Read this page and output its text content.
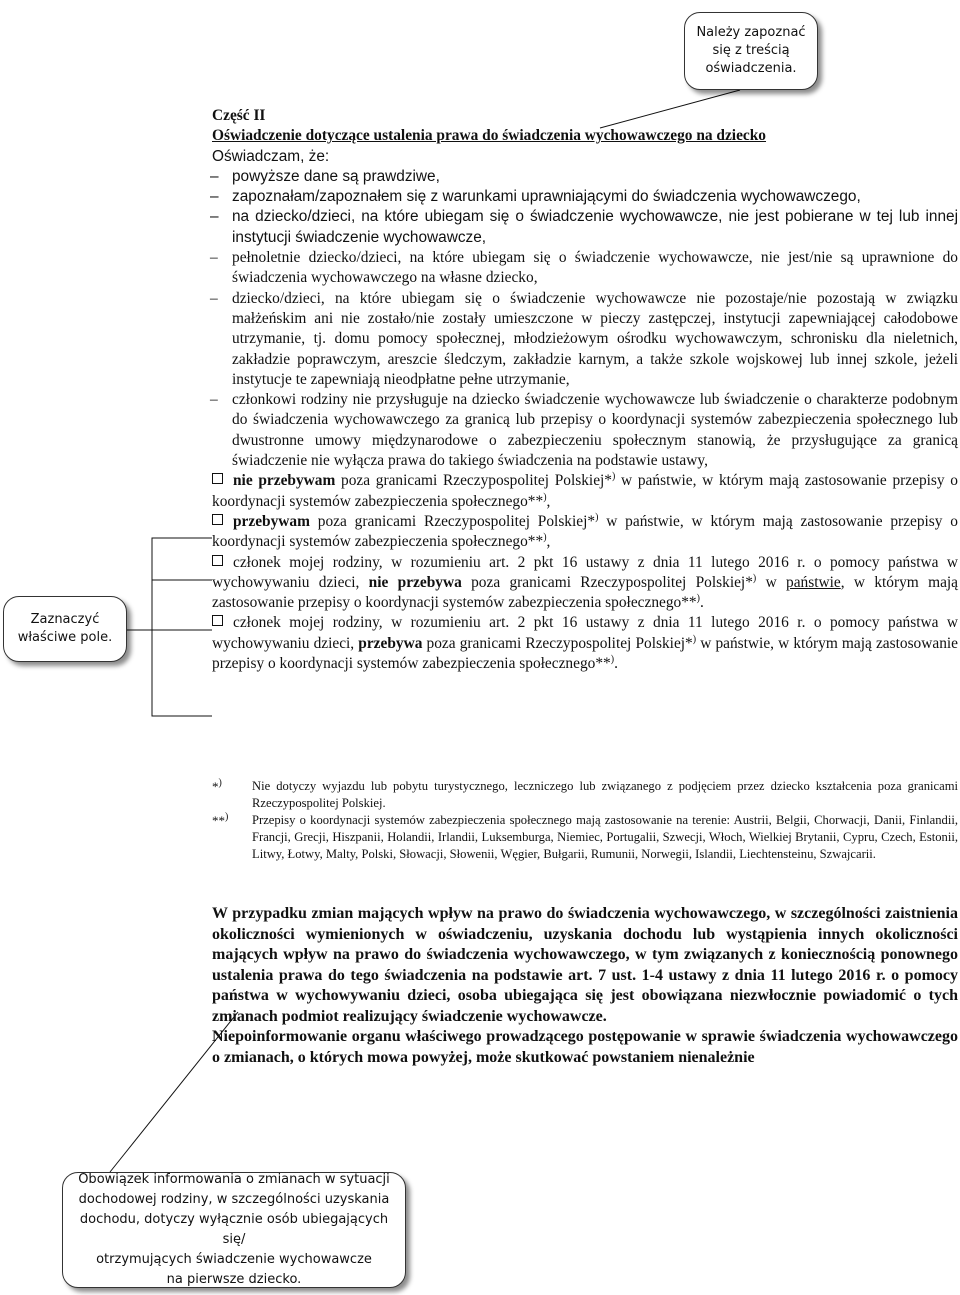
Należy zapoznać
się z treścią
oświadczenia.
Zaznaczyć
właściwe pole.
Obowiązek informowania o zmianach w sytuacji
dochodowej rodziny, w szczególności uzyskania
dochodu, dotyczy wyłącznie osób ubiegających się/
otrzymujących świadczenie wychowawcze
na pierwsze dziecko.

Część II

Oświadczenie dotyczące ustalenia prawa do świadczenia wychowawczego na dziecko

Oświadczam, że:

– powyższe dane są prawdziwe,
– zapoznałam/zapoznałem się z warunkami uprawniającymi do świadczenia wychowawczego,
– na dziecko/dzieci, na które ubiegam się o świadczenie wychowawcze, nie jest pobierane w tej lub innej instytucji świadczenie wychowawcze,
– pełnoletnie dziecko/dzieci, na które ubiegam się o świadczenie wychowawcze, nie jest/nie są uprawnione do świadczenia wychowawczego na własne dziecko,
– dziecko/dzieci, na które ubiegam się o świadczenie wychowawcze nie pozostaje/nie pozostają w związku małżeńskim ani nie zostało/nie zostały umieszczone w pieczy zastępczej, instytucji zapewniającej całodobowe utrzymanie, tj. domu pomocy społecznej, młodzieżowym ośrodku wychowawczym, schronisku dla nieletnich, zakładzie poprawczym, areszcie śledczym, zakładzie karnym, a także szkole wojskowej lub innej szkole, jeżeli instytucje te zapewniają nieodpłatne pełne utrzymanie,
– członkowi rodziny nie przysługuje na dziecko świadczenie wychowawcze lub świadczenie o charakterze podobnym do świadczenia wychowawczego za granicą lub przepisy o koordynacji systemów zabezpieczenia społecznego lub dwustronne umowy międzynarodowe o zabezpieczeniu społecznym stanowią, że przysługujące za granicą świadczenie nie wyłącza prawa do takiego świadczenia na podstawie ustawy,

nie przebywam poza granicami Rzeczypospolitej Polskiej*) w państwie, w którym mają zastosowanie przepisy o koordynacji systemów zabezpieczenia społecznego**),

przebywam poza granicami Rzeczypospolitej Polskiej*) w państwie, w którym mają zastosowanie przepisy o koordynacji systemów zabezpieczenia społecznego**),

członek mojej rodziny, w rozumieniu art. 2 pkt 16 ustawy z dnia 11 lutego 2016 r. o pomocy państwa w wychowywaniu dzieci, nie przebywa poza granicami Rzeczypospolitej Polskiej*) w państwie, w którym mają zastosowanie przepisy o koordynacji systemów zabezpieczenia społecznego**).

członek mojej rodziny, w rozumieniu art. 2 pkt 16 ustawy z dnia 11 lutego 2016 r. o pomocy państwa w wychowywaniu dzieci, przebywa poza granicami Rzeczypospolitej Polskiej*) w państwie, w którym mają zastosowanie przepisy o koordynacji systemów zabezpieczenia społecznego**).

*)	Nie dotyczy wyjazdu lub pobytu turystycznego, leczniczego lub związanego z podjęciem przez dziecko kształcenia poza granicami Rzeczypospolitej Polskiej.
**)	Przepisy o koordynacji systemów zabezpieczenia społecznego mają zastosowanie na terenie: Austrii, Belgii, Chorwacji, Danii, Finlandii, Francji, Grecji, Hiszpanii, Holandii, Irlandii, Luksemburga, Niemiec, Portugalii, Szwecji, Włoch, Wielkiej Brytanii, Cypru, Czech, Estonii, Litwy, Łotwy, Malty, Polski, Słowacji, Słowenii, Węgier, Bułgarii, Rumunii, Norwegii, Islandii, Liechtensteinu, Szwajcarii.

W przypadku zmian mających wpływ na prawo do świadczenia wychowawczego, w szczególności zaistnienia okoliczności wymienionych w oświadczeniu, uzyskania dochodu lub wystąpienia innych okoliczności mających wpływ na prawo do świadczenia wychowawczego, w tym związanych z koniecznością ponownego ustalenia prawa do tego świadczenia na podstawie art. 7 ust. 1-4 ustawy z dnia 11 lutego 2016 r. o pomocy państwa w wychowywaniu dzieci, osoba ubiegająca się jest obowiązana niezwłocznie powiadomić o tych zmianach podmiot realizujący świadczenie wychowawcze.

Niepoinformowanie organu właściwego prowadzącego postępowanie w sprawie świadczenia wychowawczego o zmianach, o których mowa powyżej, może skutkować powstaniem nienależnie
